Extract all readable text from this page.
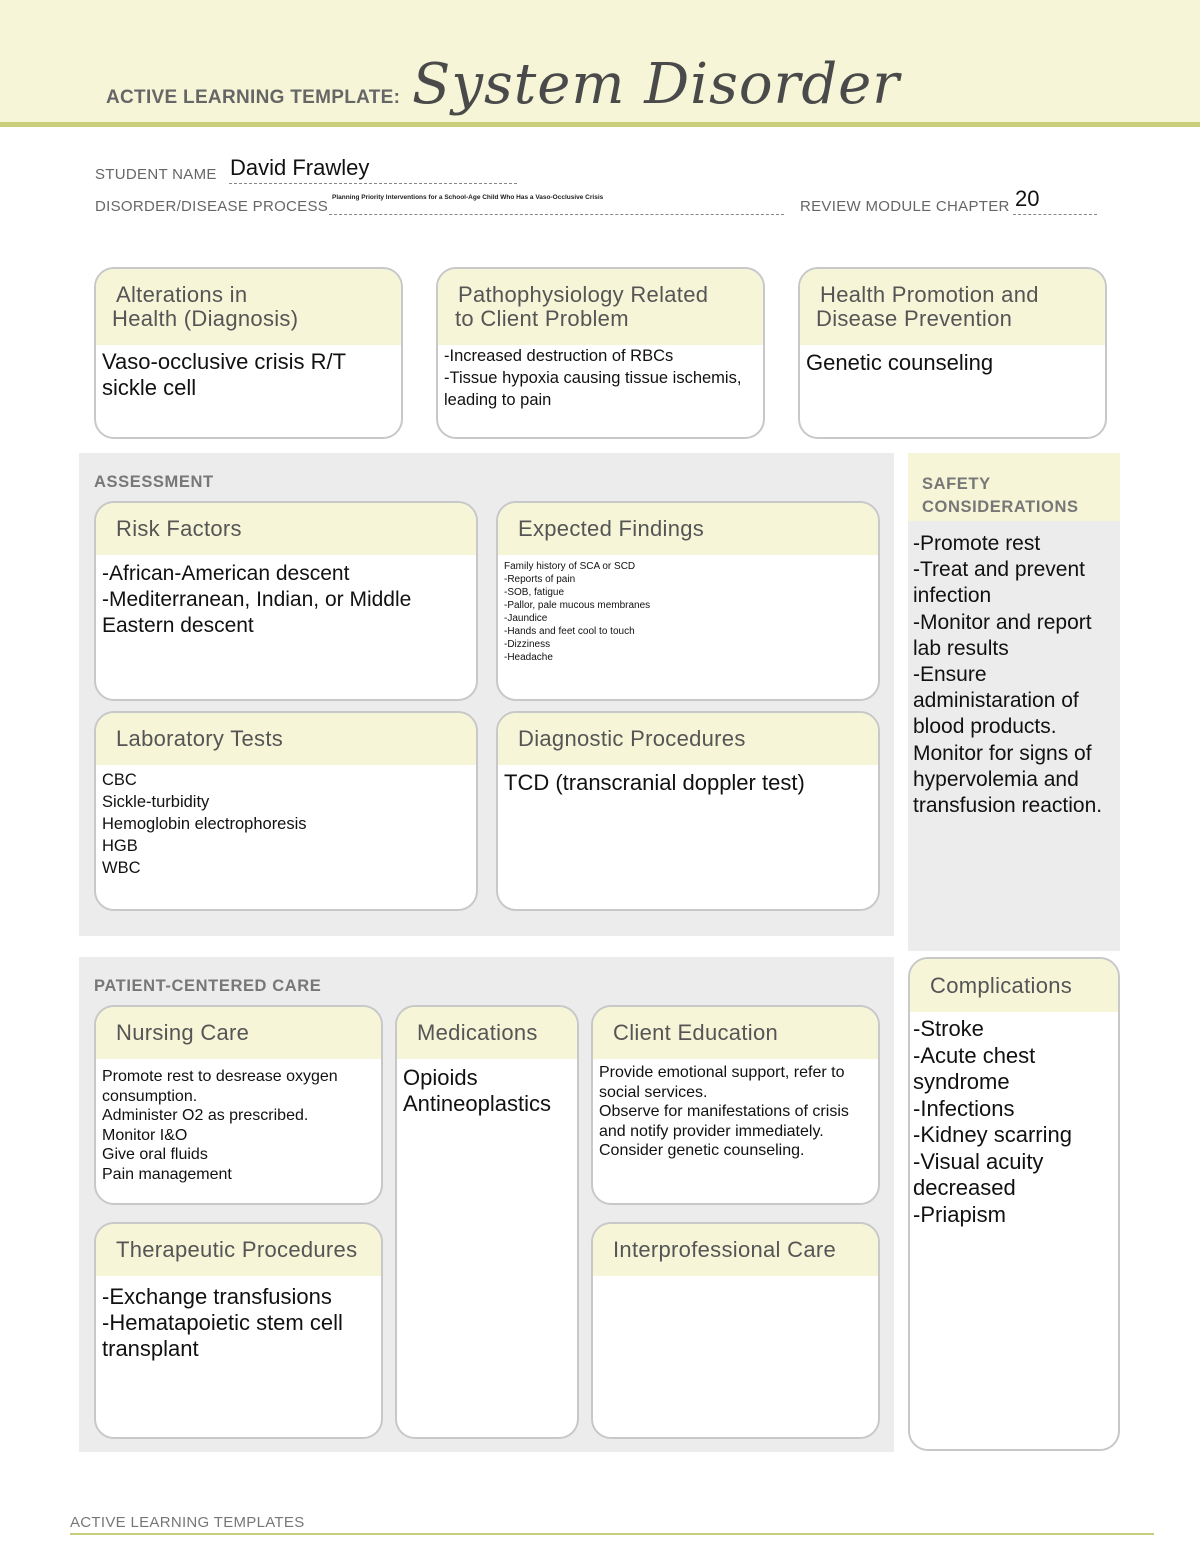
ACTIVE LEARNING TEMPLATE: System Disorder
STUDENT NAME David Frawley
DISORDER/DISEASE PROCESS
Planning Priority Interventions for a School-Age Child Who Has a Vaso-Occlusive Crisis
REVIEW MODULE CHAPTER 20
Alterations in
Health (Diagnosis)
Vaso-occlusive crisis R/T sickle cell
Pathophysiology Related
to Client Problem
-Increased destruction of RBCs
-Tissue hypoxia causing tissue ischemis, leading to pain
Health Promotion and
Disease Prevention
Genetic counseling
ASSESSMENT
Risk Factors
-African-American descent
-Mediterranean, Indian, or Middle Eastern descent
Expected Findings
Family history of SCA or SCD
-Reports of pain
-SOB, fatigue
-Pallor, pale mucous membranes
-Jaundice
-Hands and feet cool to touch
-Dizziness
-Headache
Laboratory Tests
CBC
Sickle-turbidity
Hemoglobin electrophoresis
HGB
WBC
Diagnostic Procedures
TCD (transcranial doppler test)
SAFETY
CONSIDERATIONS
-Promote rest
-Treat and prevent infection
-Monitor and report lab results
-Ensure administaration of blood products. Monitor for signs of hypervolemia and transfusion reaction.
PATIENT-CENTERED CARE
Nursing Care
Promote rest to desrease oxygen consumption.
Administer O2 as prescribed.
Monitor I&O
Give oral fluids
Pain management
Medications
Opioids
Antineoplastics
Client Education
Provide emotional support, refer to social services.
Observe for manifestations of crisis and notify provider immediately.
Consider genetic counseling.
Therapeutic Procedures
-Exchange transfusions
-Hematapoietic stem cell transplant
Interprofessional Care
Complications
-Stroke
-Acute chest syndrome
-Infections
-Kidney scarring
-Visual acuity decreased
-Priapism
ACTIVE LEARNING TEMPLATES
